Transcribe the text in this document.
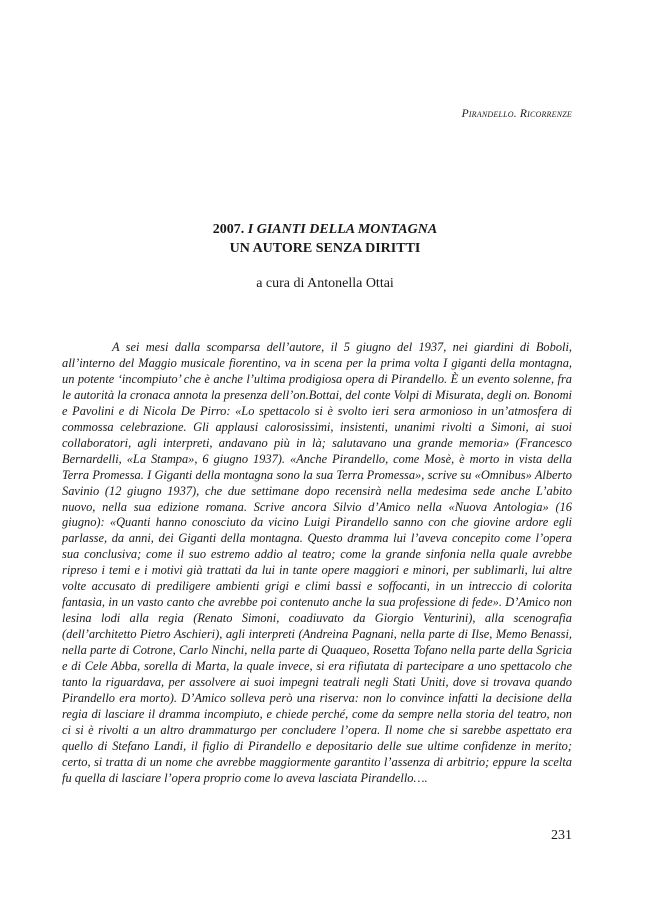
Pirandello. Ricorrenze
2007. I GIANTI DELLA MONTAGNA
UN AUTORE SENZA DIRITTI
a cura di Antonella Ottai

A sei mesi dalla scomparsa dell’autore, il 5 giugno del 1937, nei giardini di Boboli, all’interno del Maggio musicale fiorentino, va in scena per la prima volta I giganti della montagna, un potente ‘incompiuto’ che è anche l’ultima prodigiosa opera di Pirandello. È un evento solenne, fra le autorità la cronaca annota la presenza dell’on.Bottai, del conte Volpi di Misurata, degli on. Bonomi e Pavolini e di Nicola De Pirro: «Lo spettacolo si è svolto ieri sera armonioso in un’atmosfera di commossa celebrazione. Gli applausi calorosissimi, insistenti, unanimi rivolti a Simoni, ai suoi collaboratori, agli interpreti, andavano più in là; salutavano una grande memoria» (Francesco Bernardelli, «La Stampa», 6 giugno 1937). «Anche Pirandello, come Mosè, è morto in vista della Terra Promessa. I Giganti della montagna sono la sua Terra Promessa», scrive su «Omnibus» Alberto Savinio (12 giugno 1937), che due settimane dopo recensirà nella medesima sede anche L’abito nuovo, nella sua edizione romana. Scrive ancora Silvio d’Amico nella «Nuova Antologia» (16 giugno): «Quanti hanno conosciuto da vicino Luigi Pirandello sanno con che giovine ardore egli parlasse, da anni, dei Giganti della montagna. Questo dramma lui l’aveva concepito come l’opera sua conclusiva; come il suo estremo addio al teatro; come la grande sinfonia nella quale avrebbe ripreso i temi e i motivi già trattati da lui in tante opere maggiori e minori, per sublimarli, lui altre volte accusato di prediligere ambienti grigi e climi bassi e soffocanti, in un intreccio di colorita fantasia, in un vasto canto che avrebbe poi contenuto anche la sua professione di fede». D’Amico non lesina lodi alla regia (Renato Simoni, coadiuvato da Giorgio Venturini), alla scenografia (dell’architetto Pietro Aschieri), agli interpreti (Andreina Pagnani, nella parte di Ilse, Memo Benassi, nella parte di Cotrone, Carlo Ninchi, nella parte di Quaqueo, Rosetta Tofano nella parte della Sgricia e di Cele Abba, sorella di Marta, la quale invece, si era rifiutata di partecipare a uno spettacolo che tanto la riguardava, per assolvere ai suoi impegni teatrali negli Stati Uniti, dove si trovava quando Pirandello era morto). D’Amico solleva però una riserva: non lo convince infatti la decisione della regia di lasciare il dramma incompiuto, e chiede perché, come da sempre nella storia del teatro, non ci si è rivolti a un altro drammaturgo per concludere l’opera. Il nome che si sarebbe aspettato era quello di Stefano Landi, il figlio di Pirandello e depositario delle sue ultime confidenze in merito; certo, si tratta di un nome che avrebbe maggiormente garantito l’assenza di arbitrio; eppure la scelta fu quella di lasciare l’opera proprio come lo aveva lasciata Pirandello….

231
